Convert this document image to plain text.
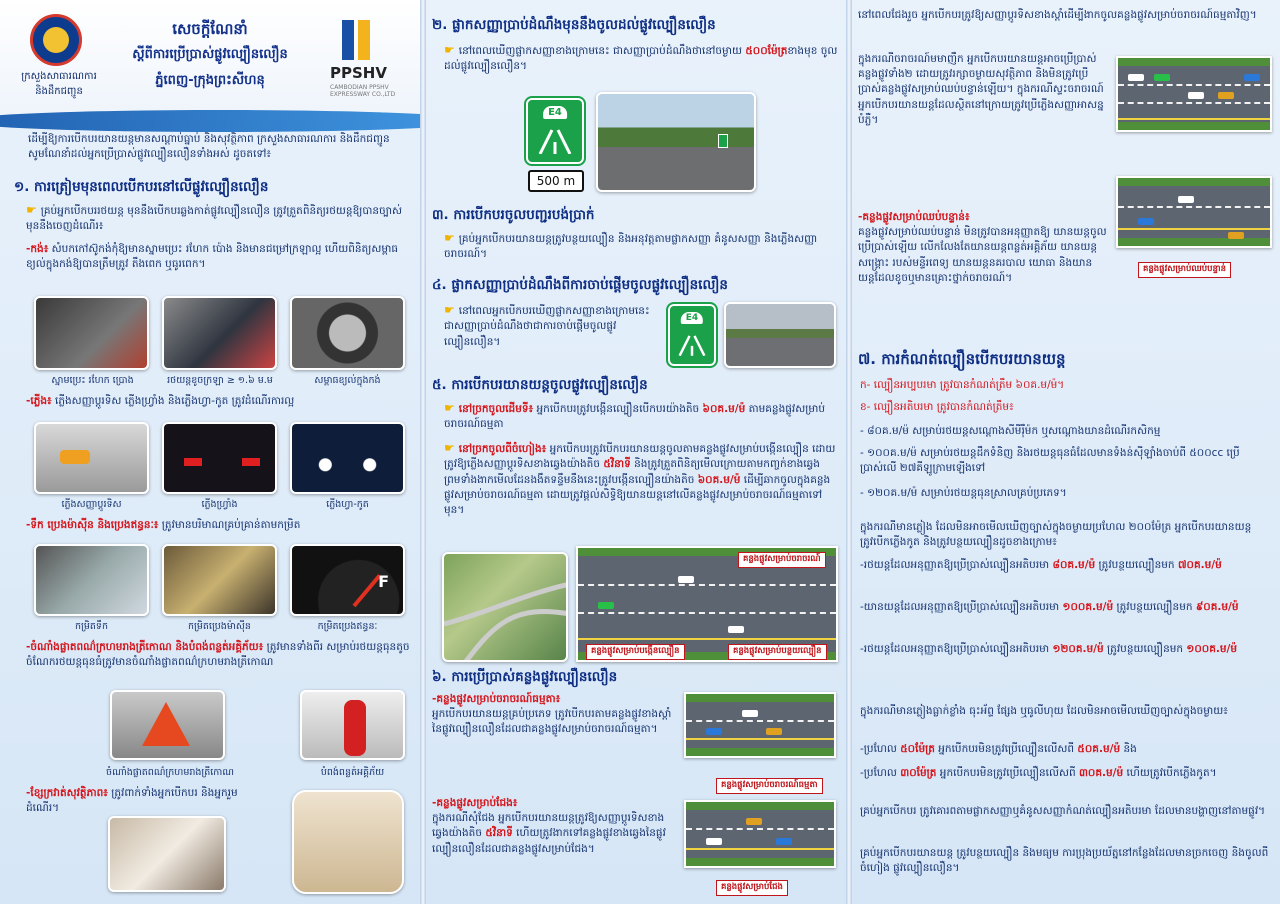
ក្រសួងសាធារណការ និងដឹកជញ្ជូន
សេចក្តីណែនាំ
ស្តីពីការប្រើប្រាស់ផ្លូវល្បឿនលឿន
ភ្នំពេញ-ក្រុងព្រះសីហនុ	PPSHV
CAMBODIAN PPSHV EXPRESSWAY CO.,LTD
ដើម្បីឱ្យការបើកបរយានយន្តមានសណ្តាប់ធ្នាប់ និងសុវត្ថិភាព ក្រសួងសាធារណការ និងដឹកជញ្ជូន សូមណែនាំដល់អ្នកប្រើប្រាស់ផ្លូវល្បឿនលឿនទាំងអស់ ដូចតទៅ៖
១. ការត្រៀមមុនពេលបើកបរនៅលើផ្លូវល្បឿនលឿន
☛ គ្រប់អ្នកបើកបររថយន្ត មុននឹងបើកបរឆ្លងកាត់ផ្លូវល្បឿនលឿន ត្រូវត្រួតពិនិត្យរថយន្តឱ្យបានច្បាស់មុននឹងចេញដំណើរ៖
-កង់៖ សំបកកៅស៊ូកង់កុំឱ្យមានស្នាមប្រេះ រហែក ប៉ោង និងមានជម្រៅក្រឡាល្អ ហើយពិនិត្យសម្ពាធខ្យល់ក្នុងកង់ឱ្យបានត្រឹមត្រូវ តឹងពេក ឬធូរពេក។
ស្នាមប្រេះ រហែក ប្រោង	រថយន្តខូចក្រឡា ≥ ១.៦ ម.ម	សម្ពាធខ្យល់ក្នុងកង់
-ភ្លើង៖ ភ្លើងសញ្ញាប្តូរទិស ភ្លើងហ្វ្រាំង និងភ្លើងហ្វា-កូត ត្រូវដំណើរការល្អ
ភ្លើងសញ្ញាប្តូរទិស	ភ្លើងហ្វ្រាំង	ភ្លើងហ្វា-កូត
-ទឹក ប្រេងម៉ាស៊ីន និងប្រេងឥន្ធនៈ៖ ត្រូវមានបរិមាណគ្រប់គ្រាន់តាមកម្រិត
F
កម្រិតទឹក	កម្រិតប្រេងម៉ាស៊ីន	កម្រិតប្រេងឥន្ធនៈ
-ចំណាំងផ្លាតពណ៌ក្រហមរាងត្រីកោណ និងបំពង់ពន្លត់អគ្គិភ័យ៖ ត្រូវមានទាំងពីរ សម្រាប់រថយន្តធុនតូច ចំណែករថយន្តធុនធំត្រូវមានចំណាំងផ្លាតពណ៌ក្រហមរាងត្រីកោណ
ចំណាំងផ្លាតពណ៌ក្រហមរាងត្រីកោណ	បំពង់ពន្លត់អគ្គិភ័យ
-ខ្សែក្រវាត់សុវត្ថិភាព៖ ត្រូវពាក់ទាំងអ្នកបើកបរ និងអ្នករួមដំណើរ។
២. ផ្លាកសញ្ញាប្រាប់ដំណឹងមុននឹងចូលដល់ផ្លូវល្បឿនលឿន
☛ នៅពេលឃើញផ្លាកសញ្ញាខាងក្រោមនេះ ជាសញ្ញាប្រាប់ដំណឹងថានៅចម្ងាយ ៥០០ម៉ែត្រខាងមុខ ចូលដល់ផ្លូវល្បឿនលឿន។
E4
500 m
៣. ការបើកបរចូលបញ្ជរបង់ប្រាក់
☛ គ្រប់អ្នកបើកបរយានយន្តត្រូវបន្ថយល្បឿន និងអនុវត្តតាមផ្លាកសញ្ញា គំនូសសញ្ញា និងភ្លើងសញ្ញាចរាចរណ៍។
៤. ផ្លាកសញ្ញាប្រាប់ដំណឹងពីការចាប់ផ្តើមចូលផ្លូវល្បឿនលឿន
☛ នៅពេលអ្នកបើកបរឃើញផ្លាកសញ្ញាខាងក្រោមនេះ ជាសញ្ញាប្រាប់ដំណឹងថាជាការចាប់ផ្តើមចូលផ្លូវល្បឿនលឿន។
E4
៥. ការបើកបរយានយន្តចូលផ្លូវល្បឿនលឿន
☛ នៅច្រកចូលដើមទី៖ អ្នកបើកបរត្រូវបង្កើនល្បឿនបើកបរយ៉ាងតិច ៦០គ.ម/ម៉ តាមគន្លងផ្លូវសម្រាប់ចរាចរណ៍ធម្មតា
☛ នៅច្រកចូលពីចំហៀង៖ អ្នកបើកបរត្រូវបើកបរយានយន្តចូលតាមគន្លងផ្លូវសម្រាប់បង្កើនល្បឿន ដោយត្រូវឱ្យភ្លើងសញ្ញាប្តូរទិសខាងឆ្វេងយ៉ាងតិច ៥វិនាទី និងត្រូវត្រួតពិនិត្យមើលក្រោយតាមកញ្ចក់ខាងឆ្វេង ព្រមទាំងងាកមើលដែនងងឹតទន្ទឹមនឹងនេះត្រូវបង្កើនល្បឿនយ៉ាងតិច ៦០គ.ម/ម៉ ដើម្បីឆាកចូលក្នុងគន្លងផ្លូវសម្រាប់ចរាចរណ៍ធម្មតា ដោយត្រូវផ្តល់សិទ្ធិឱ្យយានយន្តនៅលើគន្លងផ្លូវសម្រាប់ចរាចរណ៍ធម្មតាទៅមុន។
គន្លងផ្លូវសម្រាប់ចរាចរណ៍
គន្លងផ្លូវសម្រាប់បង្កើនល្បឿន	គន្លងផ្លូវសម្រាប់បន្ថយល្បឿន
៦. ការប្រើប្រាស់គន្លងផ្លូវល្បឿនលឿន
-គន្លងផ្លូវសម្រាប់ចរាចរណ៍ធម្មតា៖
អ្នកបើកបរយានយន្តគ្រប់ប្រភេទ ត្រូវបើកបរតាមគន្លងផ្លូវខាងស្តាំនៃផ្លូវល្បឿនលឿនដែលជាគន្លងផ្លូវសម្រាប់ចរាចរណ៍ធម្មតា។
គន្លងផ្លូវសម្រាប់ចរាចរណ៍ធម្មតា
-គន្លងផ្លូវសម្រាប់ជែង៖
ក្នុងករណីសុំជែង អ្នកបើកបរយានយន្តត្រូវឱ្យសញ្ញាប្តូរទិសខាងឆ្វេងយ៉ាងតិច ៥វិនាទី ហើយត្រូវងាកទៅគន្លងផ្លូវខាងឆ្វេងនៃផ្លូវល្បឿនលឿនដែលជាគន្លងផ្លូវសម្រាប់ជែង។
គន្លងផ្លូវសម្រាប់ជែង
នៅពេលជែងរួច អ្នកបើកបរត្រូវឱ្យសញ្ញាប្តូរទិសខាងស្តាំដើម្បីងាកចូលគន្លងផ្លូវសម្រាប់ចរាចរណ៍ធម្មតាវិញ។
ក្នុងករណីចរាចរណ៍មមាញឹក អ្នកបើកបរយានយន្តអាចប្រើប្រាស់គន្លងផ្លូវទាំង២ ដោយត្រូវរក្សាចម្ងាយសុវត្ថិភាព និងមិនត្រូវប្រើប្រាស់គន្លងផ្លូវសម្រាប់ឈប់បន្ទាន់ឡើយ។ ក្នុងករណីស្ទះចរាចរណ៍ អ្នកបើកបរយានយន្តដែលស្ថិតនៅក្រោយត្រូវប្រើភ្លើងសញ្ញាអាសន្នបំភ្លឺ។
-គន្លងផ្លូវសម្រាប់ឈប់បន្ទាន់៖
គន្លងផ្លូវសម្រាប់ឈប់បន្ទាន់ មិនត្រូវបានអនុញ្ញាតឱ្យ យានយន្តចូលប្រើប្រាស់ឡើយ លើកលែងតែយានយន្តពន្លត់អគ្គិភ័យ យានយន្តសង្គ្រោះ របស់មន្ទីរពេទ្យ យានយន្តនគរបាល យោធា និងយានយន្តដែលខូចឬមានគ្រោះថ្នាក់ចរាចរណ៍។
គន្លងផ្លូវសម្រាប់ឈប់បន្ទាន់
៧. ការកំណត់ល្បឿនបើកបរយានយន្ត
ក- ល្បឿនអប្បបរមា ត្រូវបានកំណត់ត្រឹម ៦០គ.ម/ម៉។
ខ- ល្បឿនអតិបរមា ត្រូវបានកំណត់ត្រឹម៖
- ៨០គ.ម/ម៉ សម្រាប់រថយន្តសណ្តោងសីមីរ៉ឺម៉ក ឬសណ្តោងយានដំណើរកសិកម្ម
- ១០០គ.ម/ម៉ សម្រាប់រថយន្តដឹកទំនិញ និងរថយន្តធុនធំដែលមានទំងន់ស៊ីឡាំងចាប់ពី ៥០០cc ប្រើប្រាស់លើ ២៧គីឡូក្រាមឡើងទៅ
- ១២០គ.ម/ម៉ សម្រាប់រថយន្តធុនស្រាលគ្រប់ប្រភេទ។
ក្នុងករណីមានភ្លៀង ដែលមិនអាចមើលឃើញច្បាស់ក្នុងចម្ងាយប្រហែល ២០០ម៉ែត្រ អ្នកបើកបរយានយន្តត្រូវបើកភ្លើងកូត និងត្រូវបន្ថយល្បឿនដូចខាងក្រោម៖
-រថយន្តដែលអនុញ្ញាតឱ្យប្រើប្រាស់ល្បឿនអតិបរមា ៨០គ.ម/ម៉ ត្រូវបន្ថយល្បឿនមក ៧០គ.ម/ម៉
-យានយន្តដែលអនុញ្ញាតឱ្យប្រើប្រាស់ល្បឿនអតិបរមា ១០០គ.ម/ម៉ ត្រូវបន្ថយល្បឿនមក ៩០គ.ម/ម៉
-រថយន្តដែលអនុញ្ញាតឱ្យប្រើប្រាស់ល្បឿនអតិបរមា ១២០គ.ម/ម៉ ត្រូវបន្ថយល្បឿនមក ១០០គ.ម/ម៉
ក្នុងករណីមានភ្លៀងធ្លាក់ខ្លាំង ធុះអ័ព្ទ ផ្សែង ឬធូលីហុយ ដែលមិនអាចមើលឃើញច្បាស់ក្នុងចម្ងាយ៖
-ប្រហែល ៥០ម៉ែត្រ អ្នកបើកបរមិនត្រូវប្រើល្បឿនលើសពី ៥០គ.ម/ម៉ និង
-ប្រហែល ៣០ម៉ែត្រ អ្នកបើកបរមិនត្រូវប្រើល្បឿនលើសពី ៣០គ.ម/ម៉ ហើយត្រូវបើកភ្លើងកូត។
គ្រប់អ្នកបើកបរ ត្រូវគោរពតាមផ្លាកសញ្ញាឬគំនូសសញ្ញាកំណត់ល្បឿនអតិបរមា ដែលមានបង្ហាញនៅតាមផ្លូវ។
គ្រប់អ្នកបើកបរយានយន្ត ត្រូវបន្ថយល្បឿន និងមធ្យម ការប្រុងប្រយ័ត្ននៅកន្លែងដែលមានច្រកចេញ និងចូលពីចំហៀង ផ្លូវល្បឿនលឿន។
